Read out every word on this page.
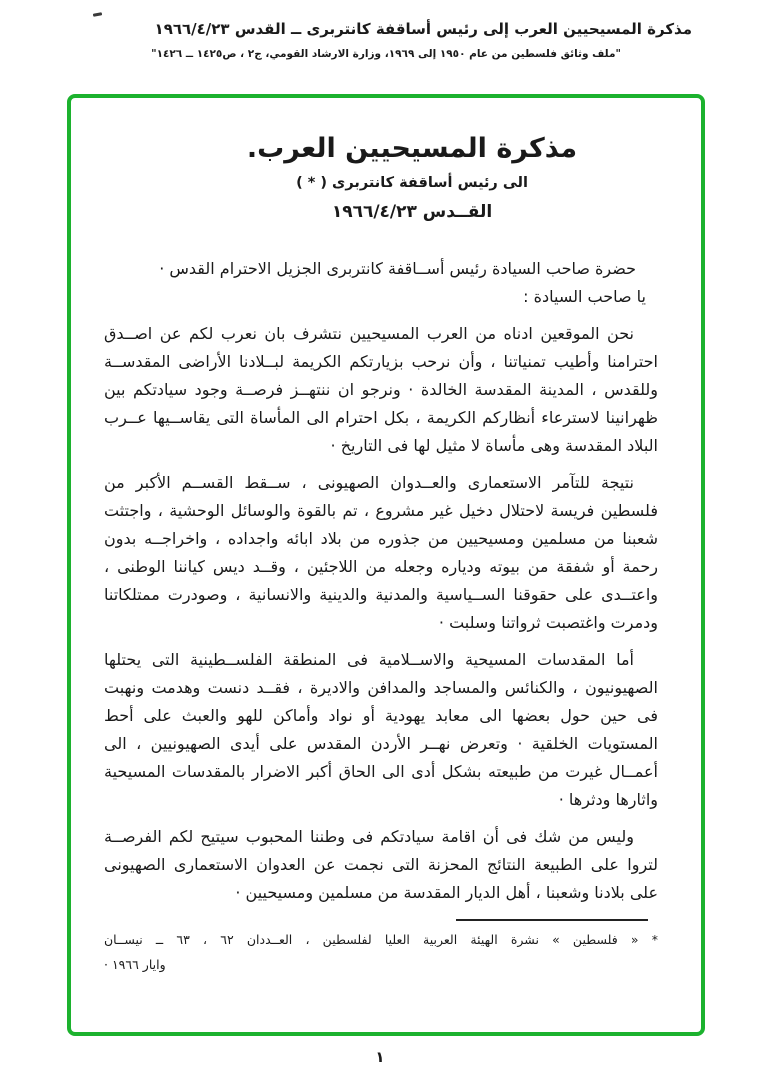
مذكرة المسيحيين العرب إلى رئيس أساقفة كانتربرى ــ القدس ١٩٦٦/٤/٢٣
"ملف وثائق فلسطين من عام ١٩٥٠ إلى ١٩٦٩، وزارة الارشاد القومي، ج٢ ، ص١٤٢٥ ــ ١٤٢٦"
مذكرة المسيحيين العرب.
الى رئيس أساقفة كانتربرى ( * )
القــدس ١٩٦٦/٤/٢٣

حضرة صاحب السيادة رئيس أســاقفة كانتربرى الجزيل الاحترام القدس ·

يا صاحب السيادة :

نحن الموقعين ادناه من العرب المسيحيين نتشرف بان نعرب لكم عن اصــدق احترامنا وأطيب تمنياتنا ، وأن نرحب بزيارتكم الكريمة لبــلادنا الأراضى المقدســة وللقدس ، المدينة المقدسة الخالدة · ونرجو ان ننتهــز فرصــة وجود سيادتكم بين ظهرانينا لاسترعاء أنظاركم الكريمة ، بكل احترام الى المأساة التى يقاســيها عــرب البلاد المقدسة وهى مأساة لا مثيل لها فى التاريخ ·

نتيجة للتآمر الاستعمارى والعــدوان الصهيونى ، ســقط القســم الأكبر من فلسطين فريسة لاحتلال دخيل غير مشروع ، تم بالقوة والوسائل الوحشية ، واجتثت شعبنا من مسلمين ومسيحيين من جذوره من بلاد ابائه واجداده ، واخراجــه بدون رحمة أو شفقة من بيوته ودياره وجعله من اللاجئين ، وقــد ديس كياننا الوطنى ، واعتــدى على حقوقنا الســياسية والمدنية والدينية والانسانية ، وصودرت ممتلكاتنا ودمرت واغتصبت ثرواتنا وسلبت ·

أما المقدسات المسيحية والاســلامية فى المنطقة الفلســطينية التى يحتلها الصهيونيون ، والكنائس والمساجد والمدافن والاديرة ، فقــد دنست وهدمت ونهبت فى حين حول بعضها الى معابد يهودية أو نواد وأماكن للهو والعبث على أحط المستويات الخلقية · وتعرض نهــر الأردن المقدس على أيدى الصهيونيين ، الى أعمــال غيرت من طبيعته بشكل أدى الى الحاق أكبر الاضرار بالمقدسات المسيحية واثارها ودثرها ·

وليس من شك فى أن اقامة سيادتكم فى وطننا المحبوب سيتيح لكم الفرصــة لتروا على الطبيعة النتائج المحزنة التى نجمت عن العدوان الاستعمارى الصهيونى على بلادنا وشعبنا ، أهل الديار المقدسة من مسلمين ومسيحيين ·

* « فلسطين » نشرة الهيئة العربية العليا لفلسطين ، العــددان ٦٢ ، ٦٣ ــ نيســان

وايار ١٩٦٦ ·

١
